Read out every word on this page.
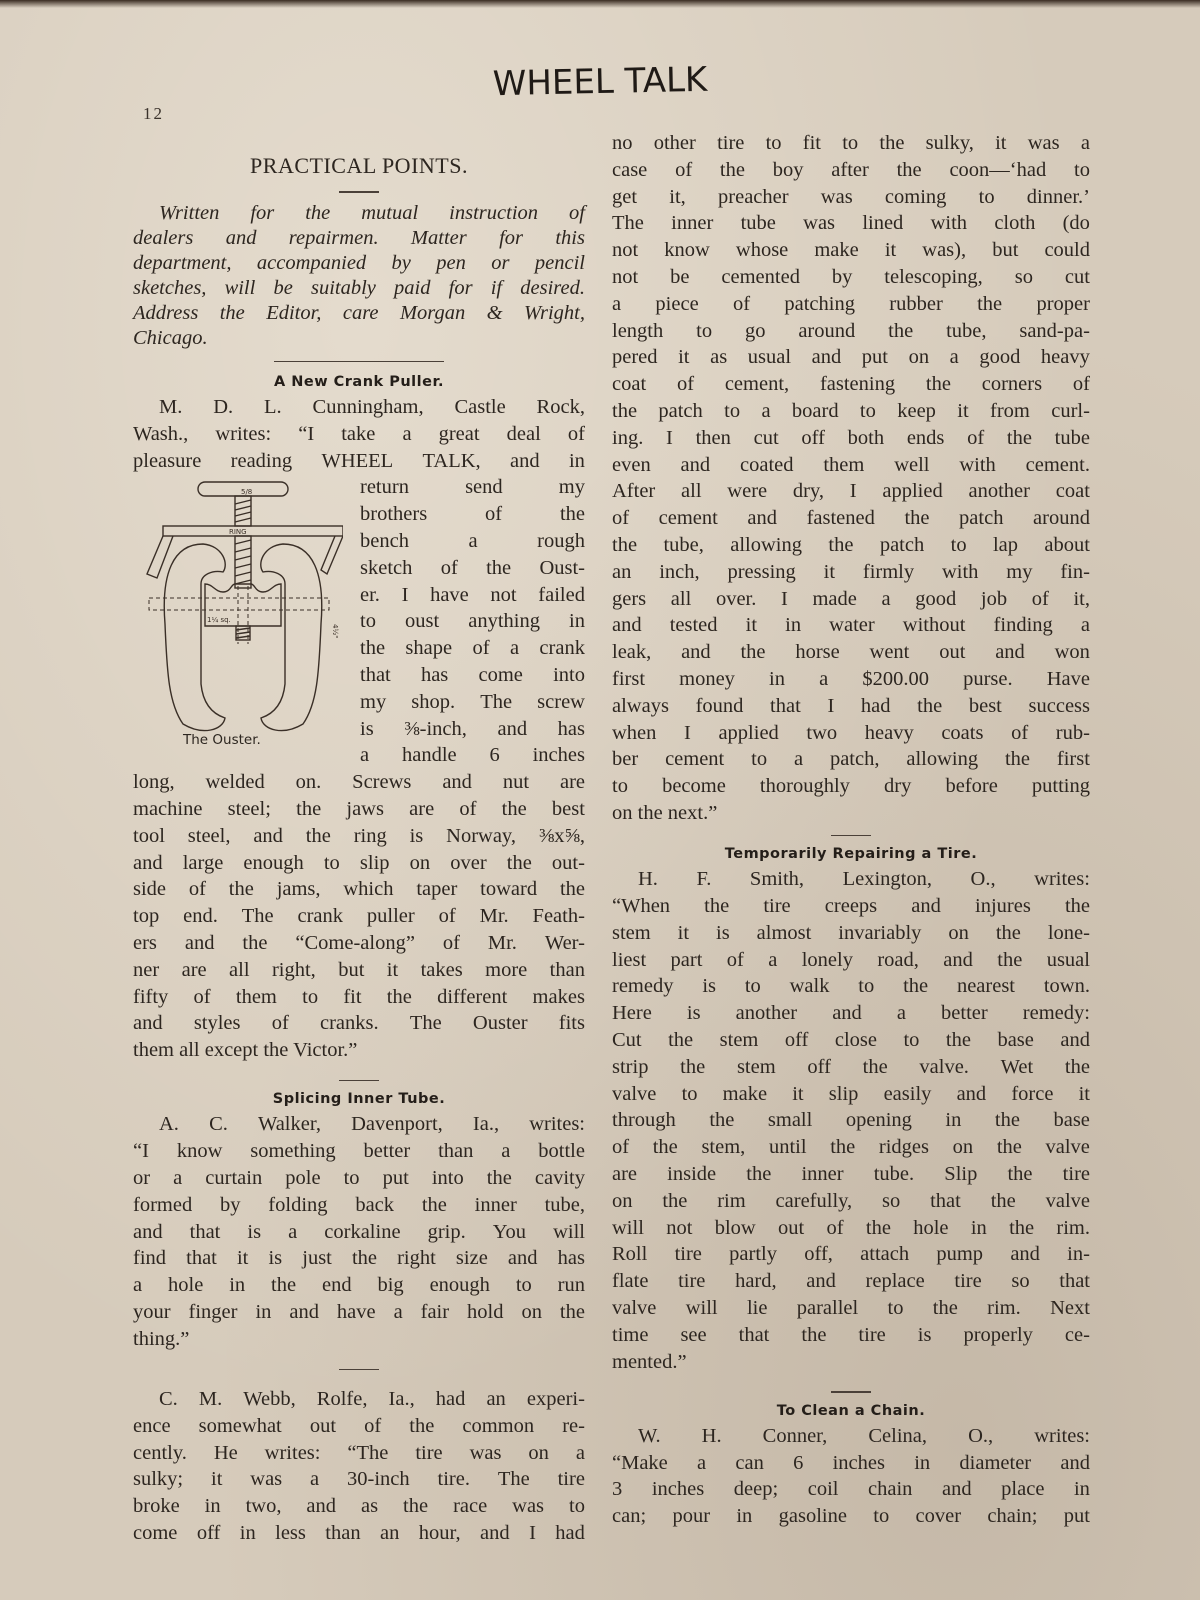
WHEEL TALK
12
PRACTICAL POINTS.
Written for the mutual instruction of
dealers and repairmen. Matter for this
department, accompanied by pen or pencil
sketches, will be suitably paid for if desired.
Address the Editor, care Morgan & Wright,
Chicago.
A New Crank Puller.
M. D. L. Cunningham, Castle Rock,
Wash., writes: “I take a great deal of
pleasure reading WHEEL TALK, and in
RING
5/8
1¼ sq.
4½"
The Ouster.
return	send	my
brothers	of	the
bench	a	rough
sketch of the Oust-
er. I have not failed
to oust anything in
the shape of a crank
that has come into
my shop. The screw
is ⅜-inch, and has
a handle 6 inches
long, welded on. Screws and nut are
machine steel; the jaws are of the best
tool steel, and the ring is Norway, ⅜x⅝,
and large enough to slip on over the out-
side of the jams, which taper toward the
top end. The crank puller of Mr. Feath-
ers and the “Come-along” of Mr. Wer-
ner are all right, but it takes more than
fifty of them to fit the different makes
and styles of cranks. The Ouster fits
them all except the Victor.”
Splicing Inner Tube.
A. C. Walker, Davenport, Ia., writes:
“I know something better than a bottle
or a curtain pole to put into the cavity
formed by folding back the inner tube,
and that is a corkaline grip. You will
find that it is just the right size and has
a hole in the end big enough to run
your finger in and have a fair hold on the
thing.”
C. M. Webb, Rolfe, Ia., had an experi-
ence somewhat out of the common re-
cently. He writes: “The tire was on a
sulky; it was a 30-inch tire. The tire
broke in two, and as the race was to
come off in less than an hour, and I had
no other tire to fit to the sulky, it was a
case of the boy after the coon—‘had to
get it, preacher was coming to dinner.’
The inner tube was lined with cloth (do
not know whose make it was), but could
not be cemented by telescoping, so cut
a piece of patching rubber the proper
length to go around the tube, sand-pa-
pered it as usual and put on a good heavy
coat of cement, fastening the corners of
the patch to a board to keep it from curl-
ing. I then cut off both ends of the tube
even and coated them well with cement.
After all were dry, I applied another coat
of cement and fastened the patch around
the tube, allowing the patch to lap about
an inch, pressing it firmly with my fin-
gers all over. I made a good job of it,
and tested it in water without finding a
leak, and the horse went out and won
first money in a $200.00 purse. Have
always found that I had the best success
when I applied two heavy coats of rub-
ber cement to a patch, allowing the first
to become thoroughly dry before putting
on the next.”
Temporarily Repairing a Tire.
H. F. Smith, Lexington, O., writes:
“When the tire creeps and injures the
stem it is almost invariably on the lone-
liest part of a lonely road, and the usual
remedy is to walk to the nearest town.
Here is another and a better remedy:
Cut the stem off close to the base and
strip the stem off the valve. Wet the
valve to make it slip easily and force it
through the small opening in the base
of the stem, until the ridges on the valve
are inside the inner tube. Slip the tire
on the rim carefully, so that the valve
will not blow out of the hole in the rim.
Roll tire partly off, attach pump and in-
flate tire hard, and replace tire so that
valve will lie parallel to the rim. Next
time see that the tire is properly ce-
mented.”
To Clean a Chain.
W. H. Conner, Celina, O., writes:
“Make a can 6 inches in diameter and
3 inches deep; coil chain and place in
can; pour in gasoline to cover chain; put
